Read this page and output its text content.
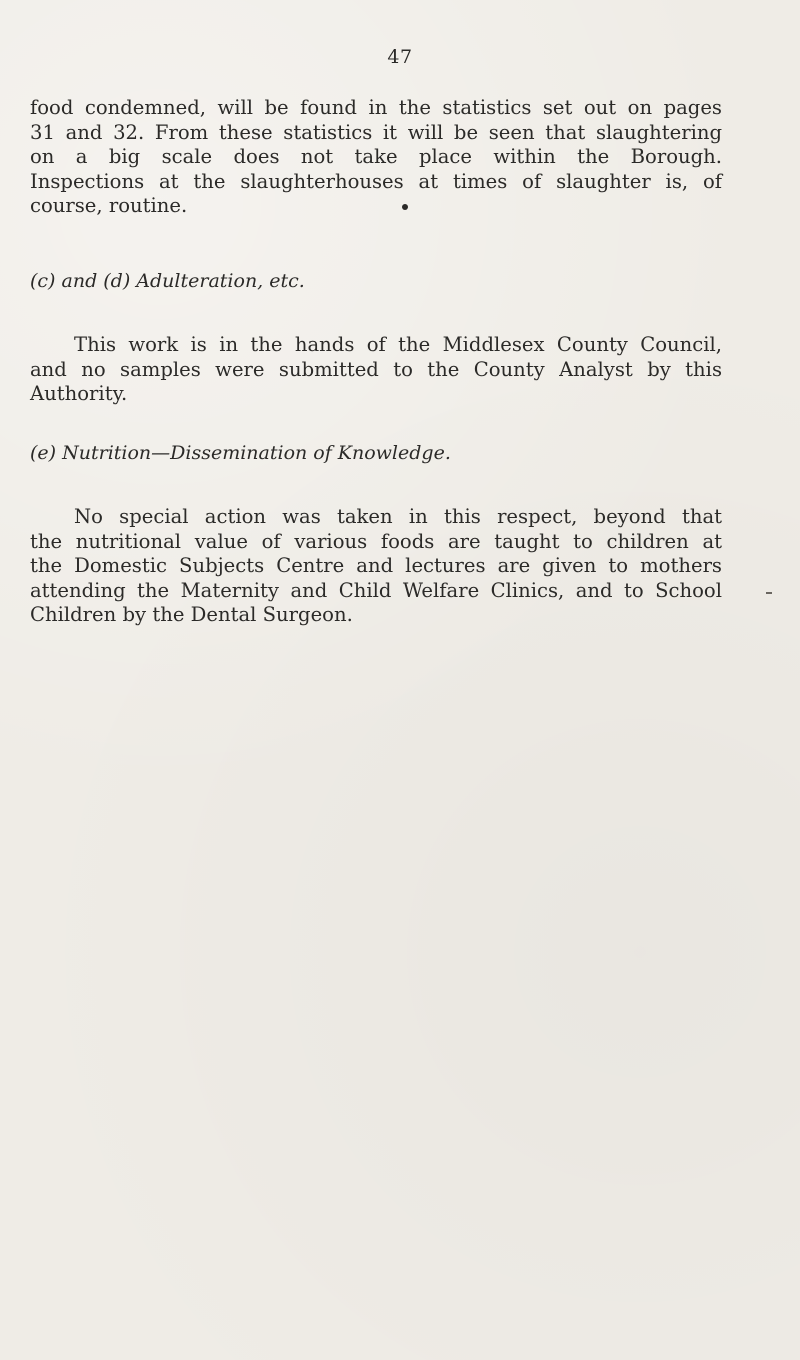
47

food condemned, will be found in the statistics set out on pages
31 and 32. From these statistics it will be seen that slaughtering
on a big scale does not take place within the Borough.
Inspections at the slaughterhouses at times of slaughter is, of
course, routine.

(c) and (d) Adulteration, etc.

This work is in the hands of the Middlesex County Council,
and no samples were submitted to the County Analyst by this
Authority.

(e) Nutrition—Dissemination of Knowledge.

No special action was taken in this respect, beyond that
the nutritional value of various foods are taught to children at
the Domestic Subjects Centre and lectures are given to mothers
attending the Maternity and Child Welfare Clinics, and to School
Children by the Dental Surgeon.
